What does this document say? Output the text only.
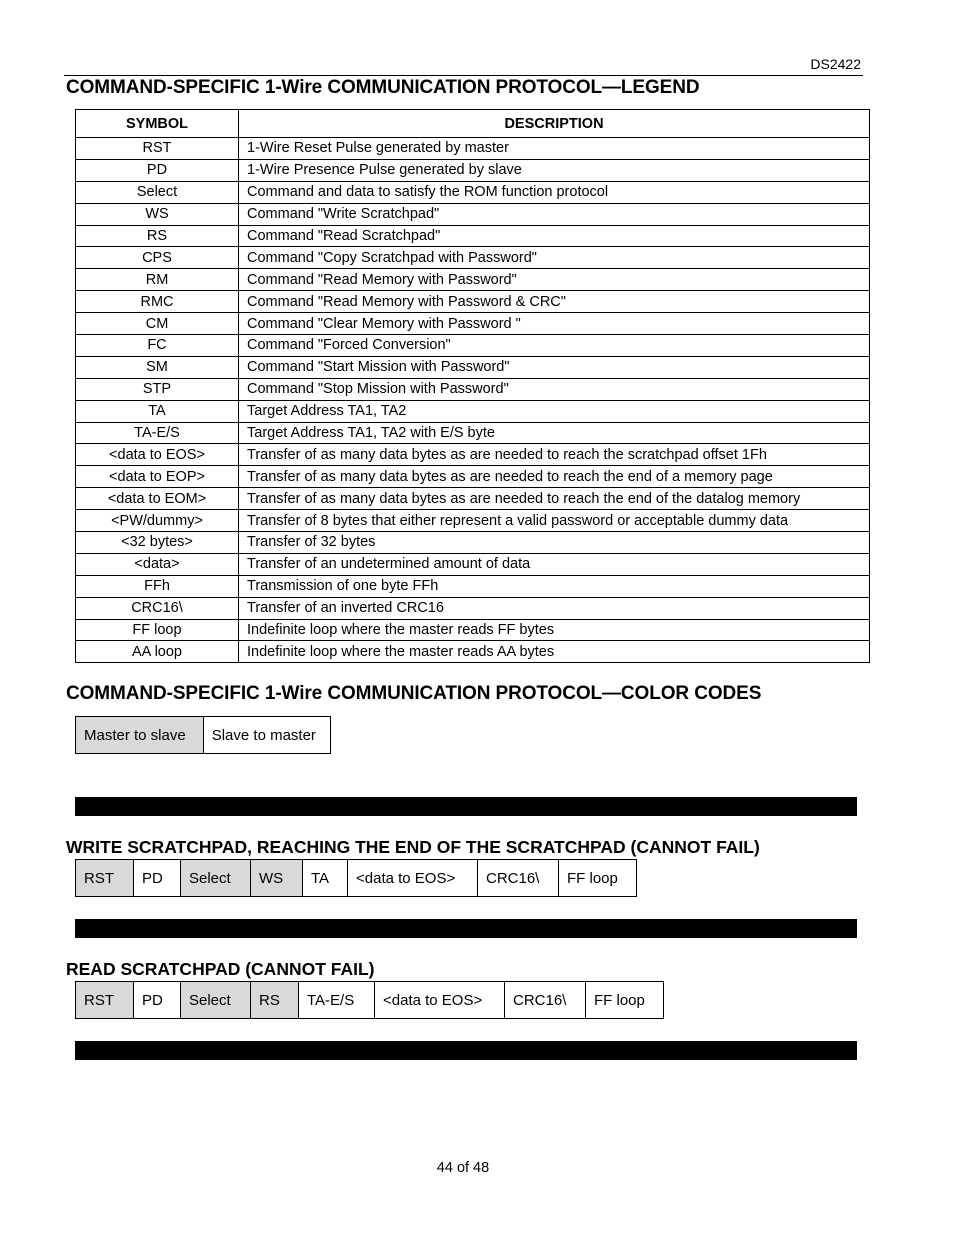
DS2422
COMMAND-SPECIFIC 1-Wire COMMUNICATION PROTOCOL—LEGEND
SYMBOL	DESCRIPTION
RST	1-Wire Reset Pulse generated by master
PD	1-Wire Presence Pulse generated by slave
Select	Command and data to satisfy the ROM function protocol
WS	Command "Write Scratchpad"
RS	Command "Read Scratchpad"
CPS	Command "Copy Scratchpad with Password"
RM	Command "Read Memory with Password"
RMC	Command "Read Memory with Password & CRC"
CM	Command "Clear Memory with Password "
FC	Command "Forced Conversion"
SM	Command "Start Mission with Password"
STP	Command "Stop Mission with Password"
TA	Target Address TA1, TA2
TA-E/S	Target Address TA1, TA2 with E/S byte
<data to EOS>	Transfer of as many data bytes as are needed to reach the scratchpad offset 1Fh
<data to EOP>	Transfer of as many data bytes as are needed to reach the end of a memory page
<data to EOM>	Transfer of as many data bytes as are needed to reach the end of the datalog memory
<PW/dummy>	Transfer of 8 bytes that either represent a valid password or acceptable dummy data
<32 bytes>	Transfer of 32 bytes
<data>	Transfer of an undetermined amount of data
FFh	Transmission of one byte FFh
CRC16\	Transfer of an inverted CRC16
FF loop	Indefinite loop where the master reads FF bytes
AA loop	Indefinite loop where the master reads AA bytes
COMMAND-SPECIFIC 1-Wire COMMUNICATION PROTOCOL—COLOR CODES
Master to slave	Slave to master
WRITE SCRATCHPAD, REACHING THE END OF THE SCRATCHPAD (CANNOT FAIL)
RST	PD	Select	WS	TA	<data to EOS>	CRC16\	FF loop
READ SCRATCHPAD (CANNOT FAIL)
RST	PD	Select	RS	TA-E/S	<data to EOS>	CRC16\	FF loop
44 of 48
